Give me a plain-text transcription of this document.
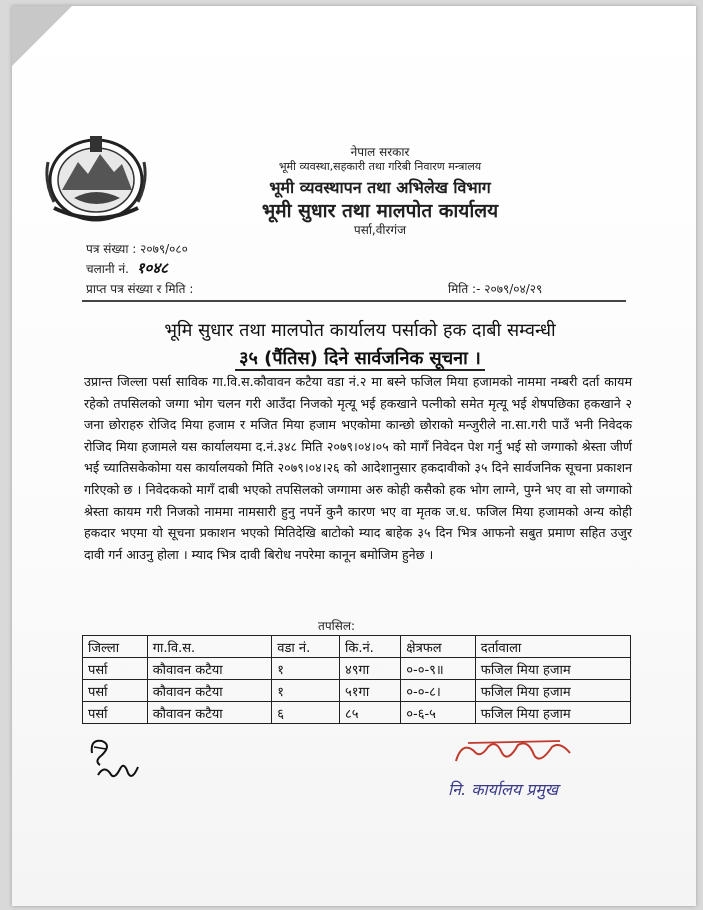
नेपाल सरकार
भूमी व्यवस्था,सहकारी तथा गरिबी निवारण मन्त्रालय
भूमी व्यवस्थापन तथा अभिलेख विभाग
भूमी सुधार तथा मालपोत कार्यालय
पर्सा,वीरगंज
पत्र संख्या : २०७९/०८०
चलानी नं. १०४८
प्राप्त पत्र संख्या र मिति :	मिति :- २०७९/०४/२९
भूमि सुधार तथा मालपोत कार्यालय पर्साको हक दाबी सम्वन्धी
३५ (पैंतिस) दिने सार्वजनिक सूचना ।
उप्रान्त जिल्ला पर्सा साविक गा.वि.स.कौवावन कटैया वडा नं.२ मा बस्ने फजिल मिया हजामको नाममा नम्बरी दर्ता कायम रहेको तपसिलको जग्गा भोग चलन गरी आउँदा निजको मृत्यू भई हकखाने पत्नीको समेत मृत्यू भई शेषपछिका हकखाने २ जना छोराहरु रोजिद मिया हजाम र मजित मिया हजाम भएकोमा कान्छो छोराको मन्जुरीले ना.सा.गरी पाउँ भनी निवेदक रोजिद मिया हजामले यस कार्यालयमा द.नं.३४८ मिति २०७९।०४।०५ को मागँ निवेदन पेश गर्नु भई सो जग्गाको श्रेस्ता जीर्ण भई च्यातिसकेकोमा यस कार्यालयको मिति २०७९।०४।२६ को आदेशानुसार हकदावीको ३५ दिने सार्वजनिक सूचना प्रकाशन गरिएको छ । निवेदकको मागँ दाबी भएको तपसिलको जग्गामा अरु कोही कसैको हक भोग लाग्ने, पुग्ने भए वा सो जग्गाको श्रेस्ता कायम गरी निजको नाममा नामसारी हुनु नपर्ने कुनै कारण भए वा मृतक ज.ध. फजिल मिया हजामको अन्य कोही हकदार भएमा यो सूचना प्रकाशन भएको मितिदेखि बाटोको म्याद बाहेक ३५ दिन भित्र आफनो सबुत प्रमाण सहित उजुर दावी गर्न आउनु होला । म्याद भित्र दावी बिरोध नपरेमा कानून बमोजिम हुनेछ ।
तपसिल:
जिल्ला	गा.वि.स.	वडा नं.	कि.नं.	क्षेत्रफल	दर्तावाला
पर्सा	कौवावन कटैया	१	४९गा	०-०-९॥	फजिल मिया हजाम
पर्सा	कौवावन कटैया	१	५१गा	०-०-८।	फजिल मिया हजाम
पर्सा	कौवावन कटैया	६	८५	०-६-५	फजिल मिया हजाम
नि. कार्यालय प्रमुख
